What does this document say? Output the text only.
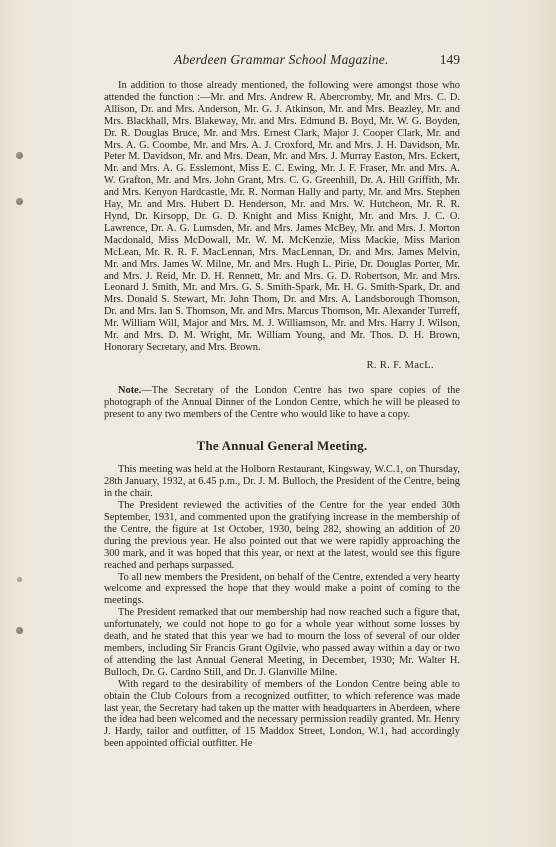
Aberdeen Grammar School Magazine.	149

In addition to those already mentioned, the following were amongst those who attended the function :—Mr. and Mrs. Andrew R. Abercromby, Mr. and Mrs. C. D. Allison, Dr. and Mrs. Anderson, Mr. G. J. Atkinson, Mr. and Mrs. Beazley, Mr. and Mrs. Blackhall, Mrs. Blakeway, Mr. and Mrs. Edmund B. Boyd, Mr. W. G. Boyden, Dr. R. Douglas Bruce, Mr. and Mrs. Ernest Clark, Major J. Cooper Clark, Mr. and Mrs. A. G. Coombe, Mr. and Mrs. A. J. Croxford, Mr. and Mrs. J. H. Davidson, Mr. Peter M. Davidson, Mr. and Mrs. Dean, Mr. and Mrs. J. Murray Easton, Mrs. Eckert, Mr. and Mrs. A. G. Esslemont, Miss E. C. Ewing, Mr. J. F. Fraser, Mr. and Mrs. A. W. Grafton, Mr. and Mrs. John Grant, Mrs. C. G. Greenhill, Dr. A. Hill Griffith, Mr. and Mrs. Kenyon Hardcastle, Mr. R. Norman Hally and party, Mr. and Mrs. Stephen Hay, Mr. and Mrs. Hubert D. Henderson, Mr. and Mrs. W. Hutcheon, Mr. R. R. Hynd, Dr. Kirsopp, Dr. G. D. Knight and Miss Knight, Mr. and Mrs. J. C. O. Lawrence, Dr. A. G. Lumsden, Mr. and Mrs. James McBey, Mr. and Mrs. J. Morton Macdonald, Miss McDowall, Mr. W. M. McKenzie, Miss Mackie, Miss Marion McLean, Mr. R. R. F. MacLennan, Mrs. MacLennan, Dr. and Mrs. James Melvin, Mr. and Mrs. James W. Milne, Mr. and Mrs. Hugh L. Pirie, Dr. Douglas Porter, Mr. and Mrs. J. Reid, Mr. D. H. Rennett, Mr. and Mrs. G. D. Robertson, Mr. and Mrs. Leonard J. Smith, Mr. and Mrs. G. S. Smith-Spark, Mr. H. G. Smith-Spark, Dr. and Mrs. Donald S. Stewart, Mr. John Thom, Dr. and Mrs. A. Landsborough Thomson, Dr. and Mrs. Ian S. Thomson, Mr. and Mrs. Marcus Thomson, Mr. Alexander Turreff, Mr. William Will, Major and Mrs. M. J. Williamson, Mr. and Mrs. Harry J. Wilson, Mr. and Mrs. D. M. Wright, Mr. William Young, and Mr. Thos. D. H. Brown, Honorary Secretary, and Mrs. Brown.

R. R. F. MacL.

Note.—The Secretary of the London Centre has two spare copies of the photograph of the Annual Dinner of the London Centre, which he will be pleased to present to any two members of the Centre who would like to have a copy.

The Annual General Meeting.

This meeting was held at the Holborn Restaurant, Kingsway, W.C.1, on Thursday, 28th January, 1932, at 6.45 p.m., Dr. J. M. Bulloch, the President of the Centre, being in the chair.

The President reviewed the activities of the Centre for the year ended 30th September, 1931, and commented upon the gratifying increase in the membership of the Centre, the figure at 1st October, 1930, being 282, showing an addition of 20 during the previous year. He also pointed out that we were rapidly approaching the 300 mark, and it was hoped that this year, or next at the latest, would see this figure reached and perhaps surpassed.

To all new members the President, on behalf of the Centre, extended a very hearty welcome and expressed the hope that they would make a point of coming to the meetings.

The President remarked that our membership had now reached such a figure that, unfortunately, we could not hope to go for a whole year without some losses by death, and he stated that this year we had to mourn the loss of several of our older members, including Sir Francis Grant Ogilvie, who passed away within a day or two of attending the last Annual General Meeting, in December, 1930; Mr. Walter H. Bulloch, Dr. G. Cardno Still, and Dr. J. Glanville Milne.

With regard to the desirability of members of the London Centre being able to obtain the Club Colours from a recognized outfitter, to which reference was made last year, the Secretary had taken up the matter with headquarters in Aberdeen, where the idea had been welcomed and the necessary permission readily granted. Mr. Henry J. Hardy, tailor and outfitter, of 15 Maddox Street, London, W.1, had accordingly been appointed official outfitter. He
